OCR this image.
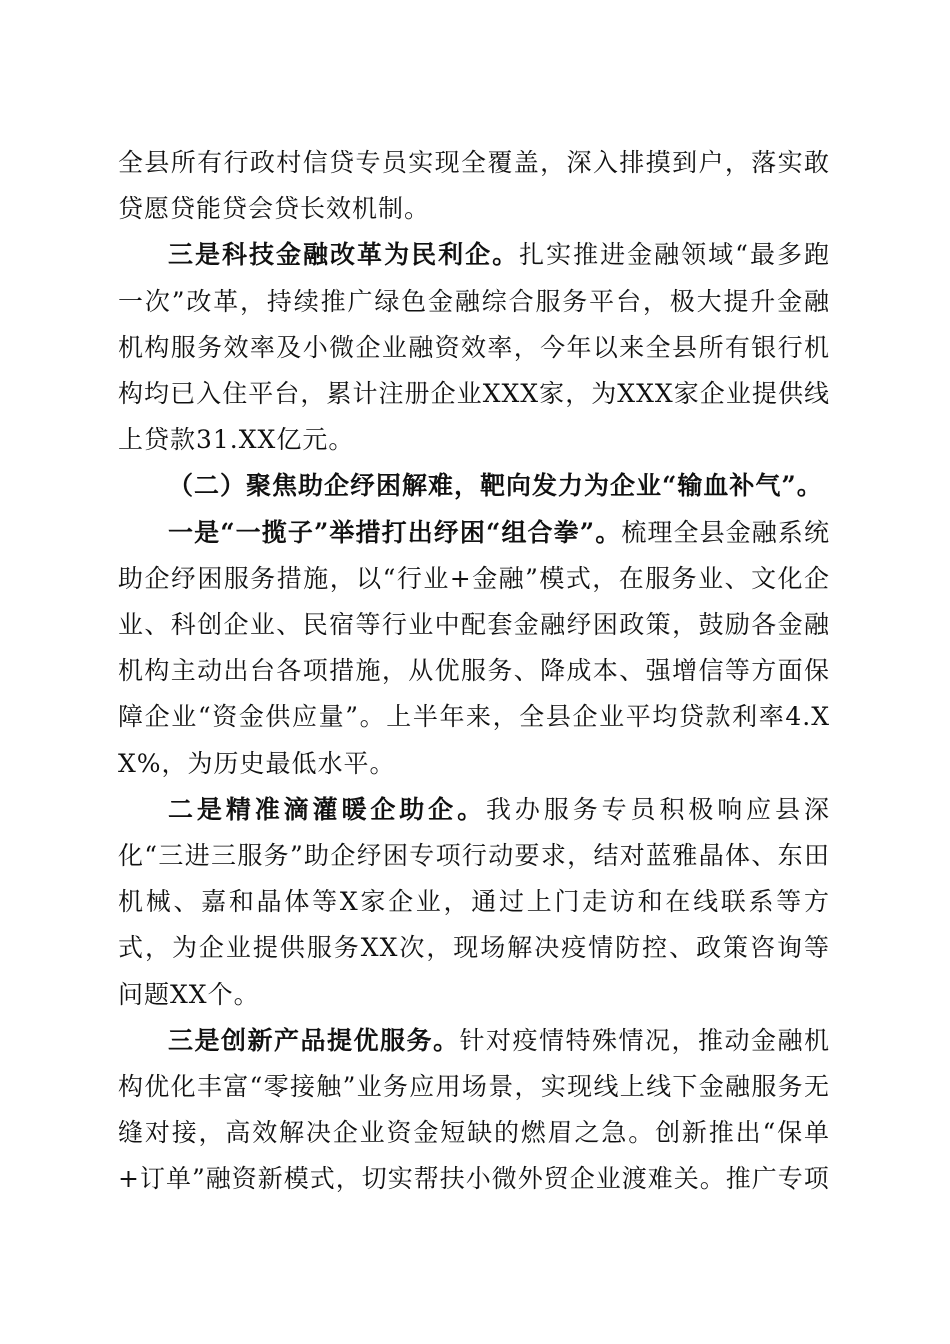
全县所有行政村信贷专员实现全覆盖，深入排摸到户，落实敢贷愿贷能贷会贷长效机制。

三是科技金融改革为民利企。扎实推进金融领域“最多跑一次”改革，持续推广绿色金融综合服务平台，极大提升金融机构服务效率及小微企业融资效率，今年以来全县所有银行机构均已入住平台，累计注册企业XXX家，为XXX家企业提供线上贷款31.XX亿元。

（二）聚焦助企纾困解难，靶向发力为企业“输血补气”。

一是“一揽子”举措打出纾困“组合拳”。梳理全县金融系统助企纾困服务措施，以“行业+金融”模式，在服务业、文化企业、科创企业、民宿等行业中配套金融纾困政策，鼓励各金融机构主动出台各项措施，从优服务、降成本、强增信等方面保障企业“资金供应量”。上半年来，全县企业平均贷款利率4.XX%，为历史最低水平。

二是精准滴灌暖企助企。我办服务专员积极响应县深化“三进三服务”助企纾困专项行动要求，结对蓝雅晶体、东田机械、嘉和晶体等X家企业，通过上门走访和在线联系等方式，为企业提供服务XX次，现场解决疫情防控、政策咨询等问题XX个。

三是创新产品提优服务。针对疫情特殊情况，推动金融机构优化丰富“零接触”业务应用场景，实现线上线下金融服务无缝对接，高效解决企业资金短缺的燃眉之急。创新推出“保单+订单”融资新模式，切实帮扶小微外贸企业渡难关。推广专项
